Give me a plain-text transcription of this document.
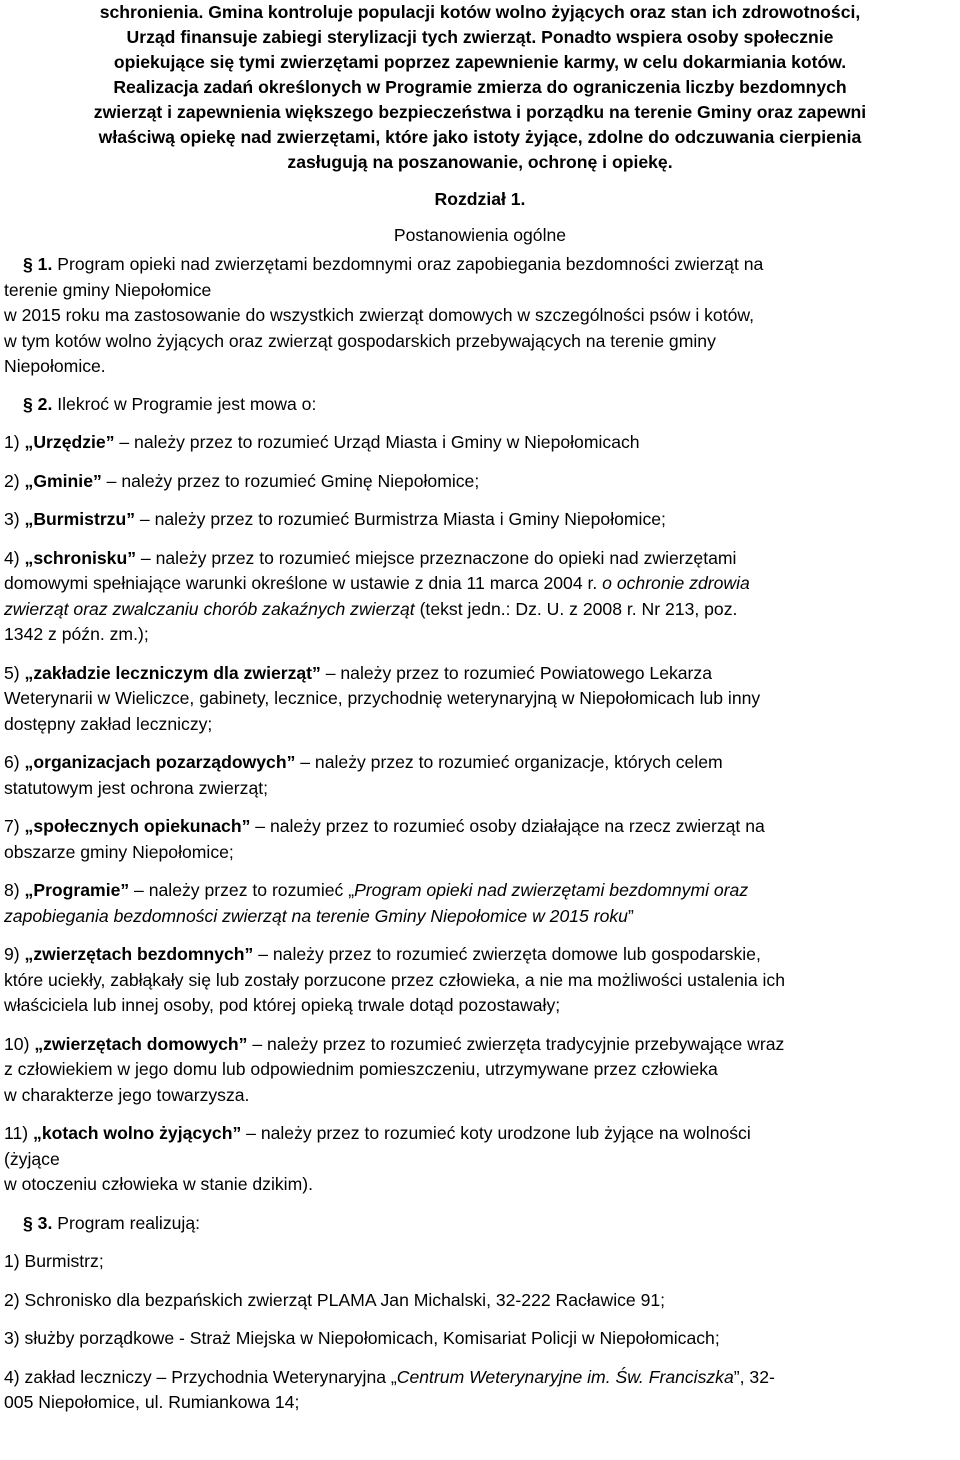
schronienia. Gmina kontroluje populacji kotów wolno żyjących oraz stan ich zdrowotności,
Urząd finansuje zabiegi sterylizacji tych zwierząt. Ponadto wspiera osoby społecznie
opiekujące się tymi zwierzętami poprzez zapewnienie karmy, w celu dokarmiania kotów.
Realizacja zadań określonych w Programie zmierza do ograniczenia liczby bezdomnych
zwierząt i zapewnienia większego bezpieczeństwa i porządku na terenie Gminy oraz zapewni
właściwą opiekę nad zwierzętami, które jako istoty żyjące, zdolne do odczuwania cierpienia
zasługują na poszanowanie, ochronę i opiekę.

Rozdział 1.

Postanowienia ogólne

§ 1. Program opieki nad zwierzętami bezdomnymi oraz zapobiegania bezdomności zwierząt na
terenie gminy Niepołomice
w 2015 roku ma zastosowanie do wszystkich zwierząt domowych w szczególności psów i kotów,
w tym kotów wolno żyjących oraz zwierząt gospodarskich przebywających na terenie gminy
Niepołomice.

§ 2. Ilekroć w Programie jest mowa o:

1) „Urzędzie” – należy przez to rozumieć Urząd Miasta i Gminy w Niepołomicach

2) „Gminie” – należy przez to rozumieć Gminę Niepołomice;

3) „Burmistrzu” – należy przez to rozumieć Burmistrza Miasta i Gminy Niepołomice;

4) „schronisku” – należy przez to rozumieć miejsce przeznaczone do opieki nad zwierzętami
domowymi spełniające warunki określone w ustawie z dnia 11 marca 2004 r. o ochronie zdrowia
zwierząt oraz zwalczaniu chorób zakaźnych zwierząt (tekst jedn.: Dz. U. z 2008 r. Nr 213, poz.
1342 z późn. zm.);

5) „zakładzie leczniczym dla zwierząt” – należy przez to rozumieć Powiatowego Lekarza
Weterynarii w Wieliczce, gabinety, lecznice, przychodnię weterynaryjną w Niepołomicach lub inny
dostępny zakład leczniczy;

6) „organizacjach pozarządowych” – należy przez to rozumieć organizacje, których celem
statutowym jest ochrona zwierząt;

7) „społecznych opiekunach” – należy przez to rozumieć osoby działające na rzecz zwierząt na
obszarze gminy Niepołomice;

8) „Programie” – należy przez to rozumieć „Program opieki nad zwierzętami bezdomnymi oraz
zapobiegania bezdomności zwierząt na terenie Gminy Niepołomice w 2015 roku”

9) „zwierzętach bezdomnych” – należy przez to rozumieć zwierzęta domowe lub gospodarskie,
które uciekły, zabłąkały się lub zostały porzucone przez człowieka, a nie ma możliwości ustalenia ich
właściciela lub innej osoby, pod której opieką trwale dotąd pozostawały;

10) „zwierzętach domowych” – należy przez to rozumieć zwierzęta tradycyjnie przebywające wraz
z człowiekiem w jego domu lub odpowiednim pomieszczeniu, utrzymywane przez człowieka
w charakterze jego towarzysza.

11) „kotach wolno żyjących” – należy przez to rozumieć koty urodzone lub żyjące na wolności
(żyjące
w otoczeniu człowieka w stanie dzikim).

§ 3. Program realizują:

1) Burmistrz;

2) Schronisko dla bezpańskich zwierząt PLAMA Jan Michalski, 32-222 Racławice 91;

3) służby porządkowe - Straż Miejska w Niepołomicach, Komisariat Policji w Niepołomicach;

4) zakład leczniczy – Przychodnia Weterynaryjna „Centrum Weterynaryjne im. Św. Franciszka”, 32-
005 Niepołomice, ul. Rumiankowa 14;
